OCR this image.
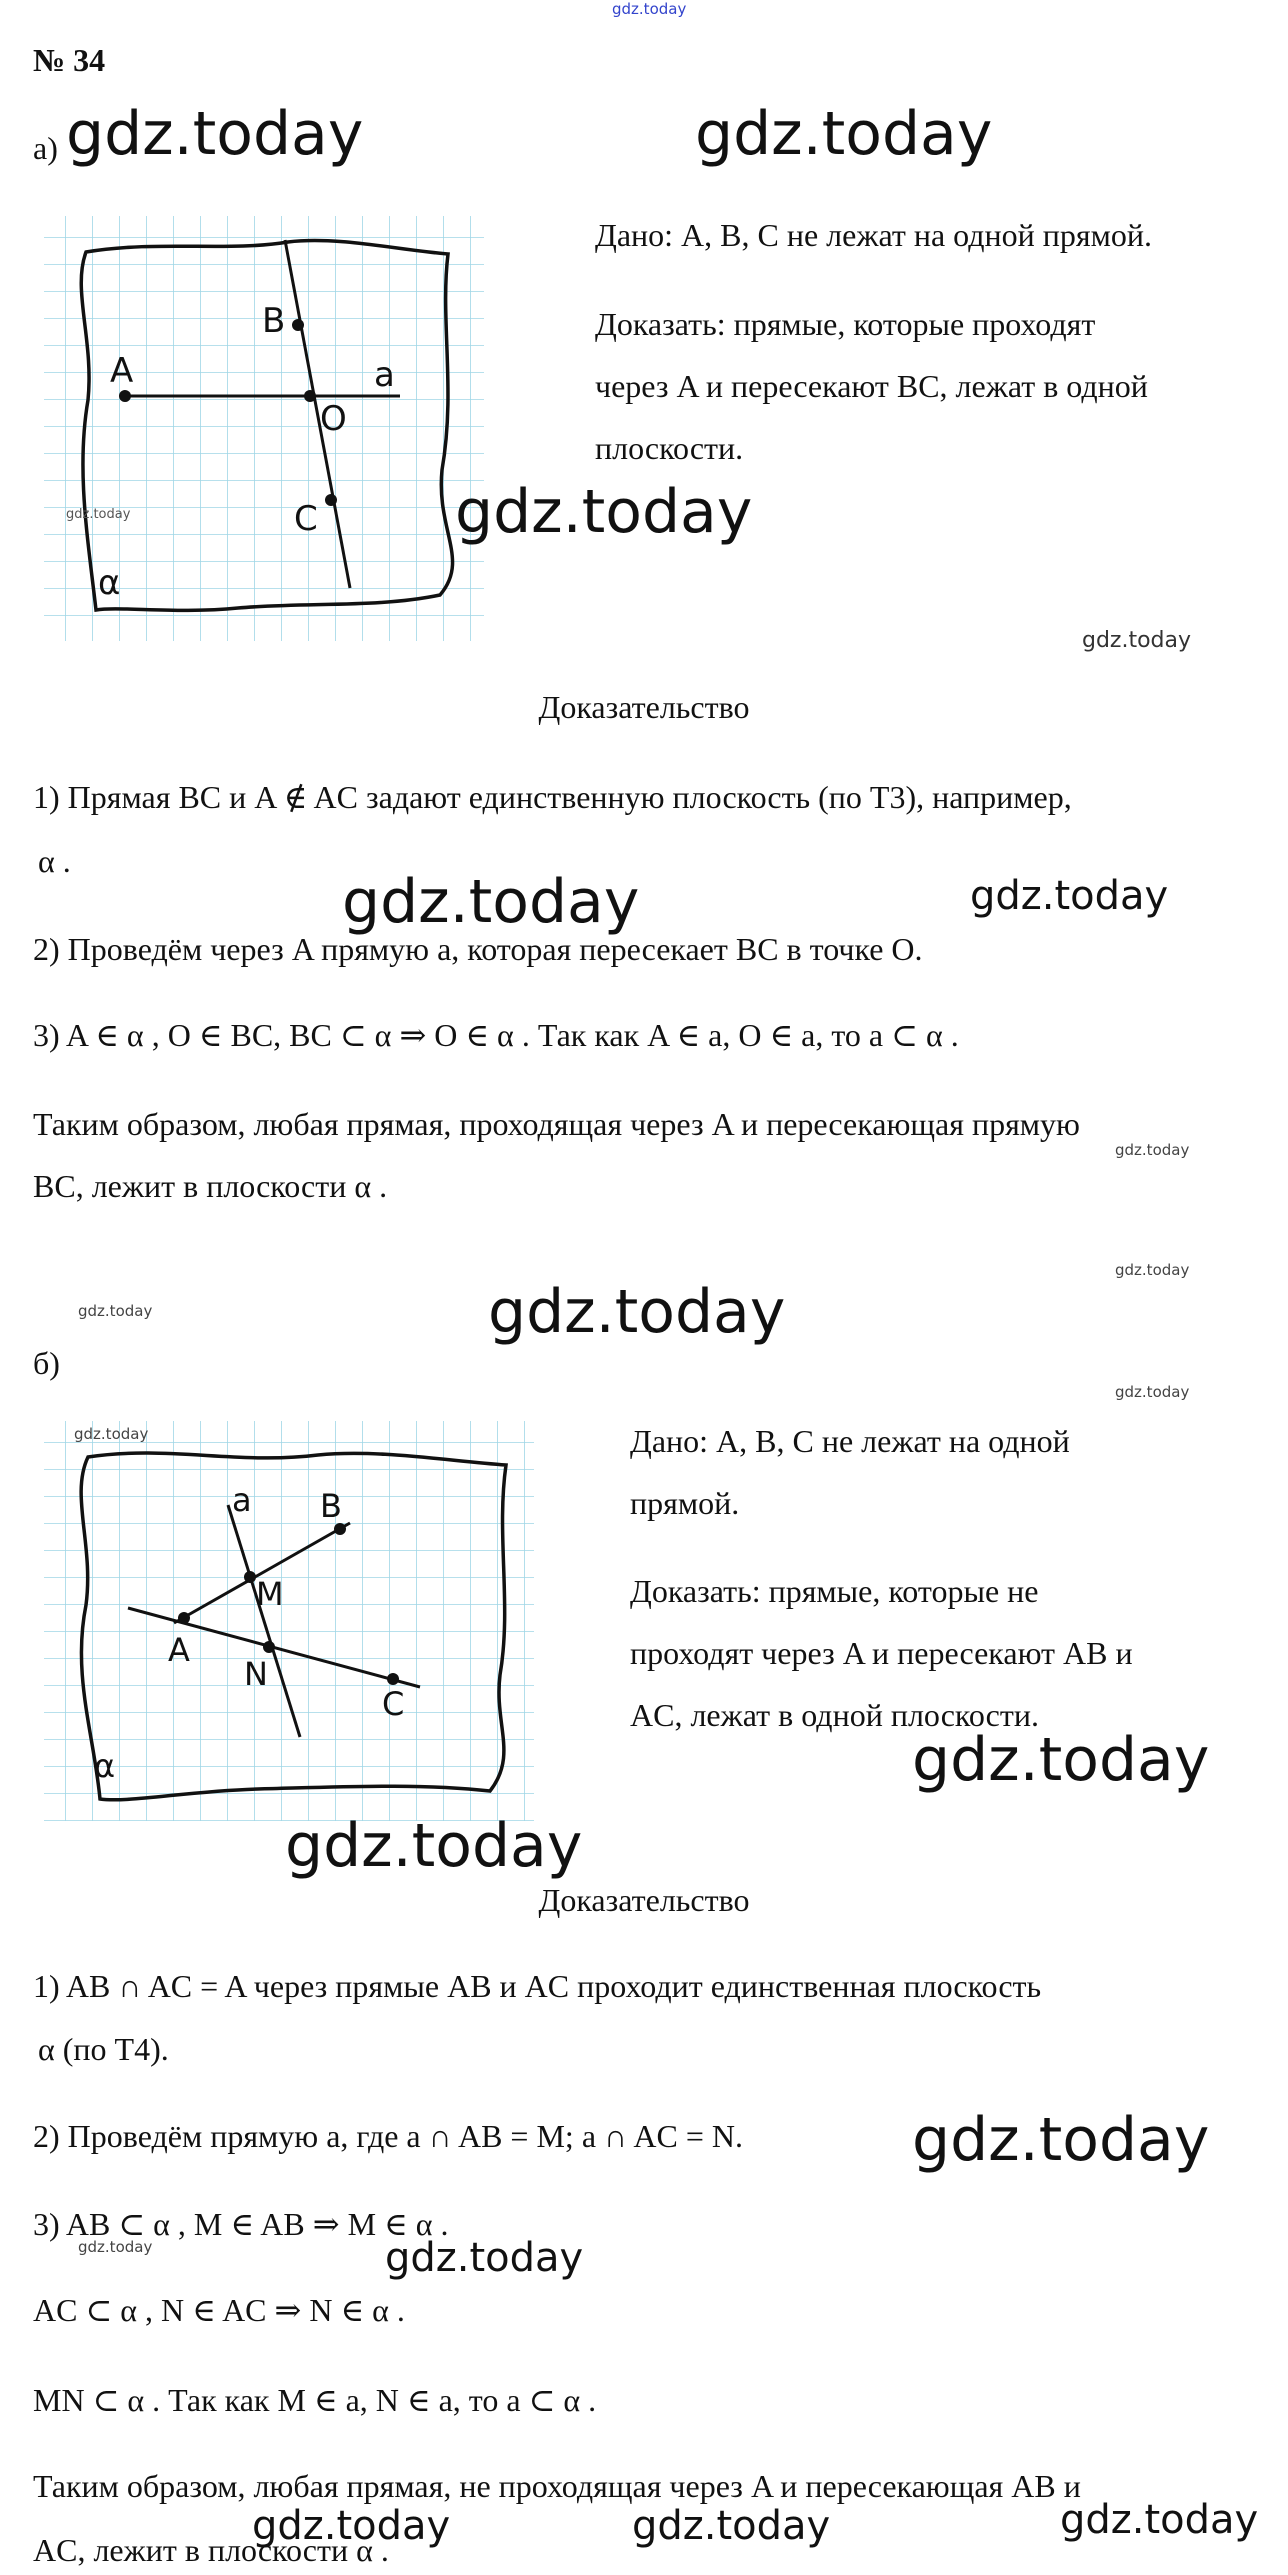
gdz.today
№ 34
а) gdz.today	gdz.today
A
B
O
C
a
α
gdz.today
Дано: A, B, C не лежат на одной прямой.
Доказать: прямые, которые проходят
через A и пересекают BC, лежат в одной
плоскости.
gdz.today
gdz.today
Доказательство
1) Прямая BC и A ∉ AC задают единственную плоскость (по Т3), например,
α .
gdz.today	gdz.today
2) Проведём через A прямую a, которая пересекает BC в точке O.
3) A ∈ α , O ∈ BC, BC ⊂ α ⇒ O ∈ α . Так как A ∈ a, O ∈ a, то a ⊂ α .
Таким образом, любая прямая, проходящая через A и пересекающая прямую
gdz.today
BC, лежит в плоскости α .
gdz.today
gdz.today	gdz.today
б)
gdz.today
A
M
N
B
C
a
α
gdz.today	Дано: A, B, C не лежат на одной
прямой.
Доказать: прямые, которые не
проходят через A и пересекают AB и
AC, лежат в одной плоскости.
gdz.today
gdz.today
Доказательство
1) AB ∩ AC = A через прямые AB и AC проходит единственная плоскость
α (по Т4).
2) Проведём прямую a, где a ∩ AB = M; a ∩ AC = N.	gdz.today
3) AB ⊂ α , M ∈ AB ⇒ M ∈ α .
gdz.today	gdz.today
AC ⊂ α , N ∈ AC ⇒ N ∈ α .
MN ⊂ α . Так как M ∈ a, N ∈ a, то a ⊂ α .
Таким образом, любая прямая, не проходящая через A и пересекающая AB и
gdz.today	gdz.today	gdz.today
AC, лежит в плоскости α .
